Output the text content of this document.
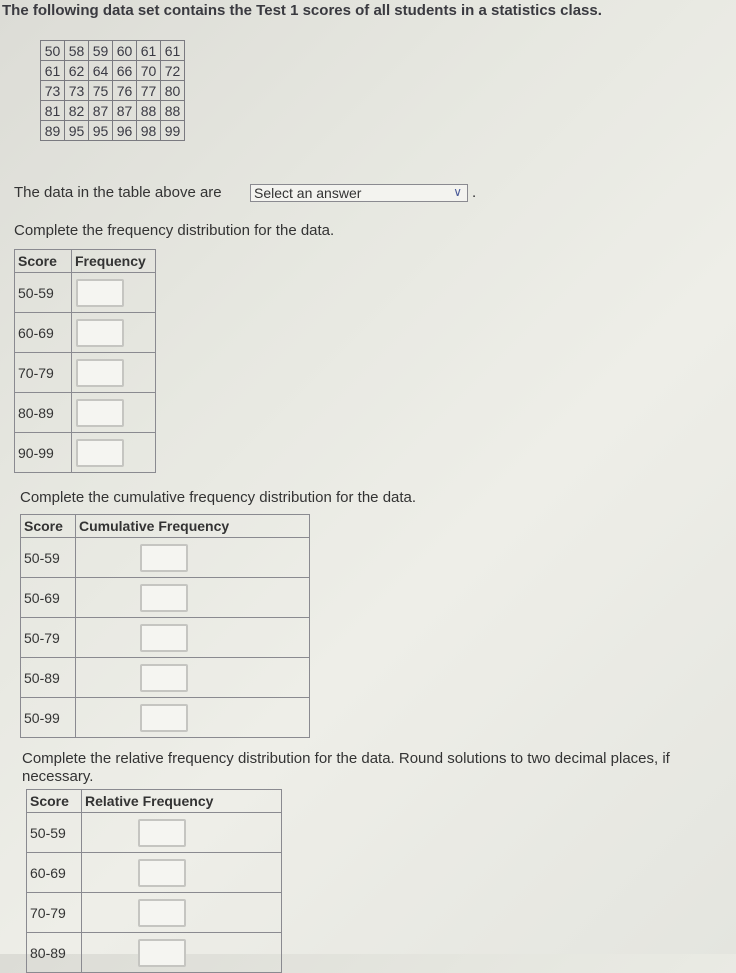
The following data set contains the Test 1 scores of all students in a statistics class.
50	58	59	60	61	61
61	62	64	66	70	72
73	73	75	76	77	80
81	82	87	87	88	88
89	95	95	96	98	99
The data in the table above are Select an answer	∨ .
Complete the frequency distribution for the data.
Score	Frequency
50-59	
60-69	
70-79	
80-89	
90-99	
Complete the cumulative frequency distribution for the data.
Score	Cumulative Frequency
50-59	
50-69	
50-79	
50-89	
50-99	
Complete the relative frequency distribution for the data. Round solutions to two decimal places, if necessary.
Score	Relative Frequency
50-59	
60-69	
70-79	
80-89	
